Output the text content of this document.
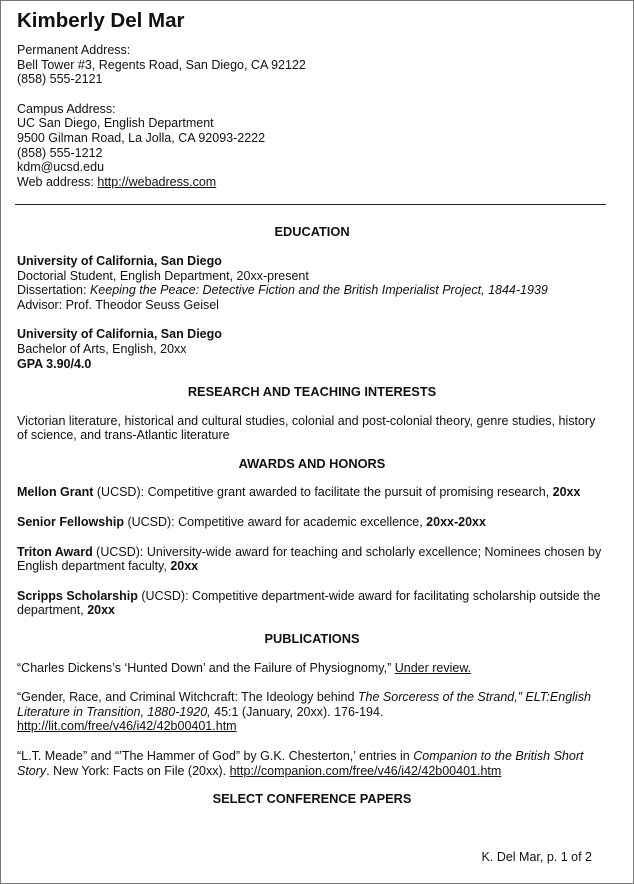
Kimberly Del Mar
Permanent Address:
Bell Tower #3, Regents Road, San Diego, CA 92122
(858) 555-2121
Campus Address:
UC San Diego, English Department
9500 Gilman Road, La Jolla, CA 92093-2222
(858) 555-1212
kdm@ucsd.edu
Web address: http://webadress.com
EDUCATION
University of California, San Diego
Doctorial Student, English Department, 20xx-present
Dissertation: Keeping the Peace: Detective Fiction and the British Imperialist Project, 1844-1939
Advisor: Prof. Theodor Seuss Geisel
University of California, San Diego
Bachelor of Arts, English, 20xx
GPA 3.90/4.0
RESEARCH AND TEACHING INTERESTS
Victorian literature, historical and cultural studies, colonial and post-colonial theory, genre studies, history of science, and trans-Atlantic literature
AWARDS AND HONORS
Mellon Grant (UCSD): Competitive grant awarded to facilitate the pursuit of promising research, 20xx
Senior Fellowship (UCSD): Competitive award for academic excellence, 20xx-20xx
Triton Award (UCSD): University-wide award for teaching and scholarly excellence; Nominees chosen by English department faculty, 20xx
Scripps Scholarship (UCSD): Competitive department-wide award for facilitating scholarship outside the department, 20xx
PUBLICATIONS
“Charles Dickens’s ‘Hunted Down’ and the Failure of Physiognomy,” Under review.
“Gender, Race, and Criminal Witchcraft: The Ideology behind The Sorceress of the Strand,” ELT:English Literature in Transition, 1880-1920, 45:1 (January, 20xx). 176-194.
http://lit.com/free/v46/i42/42b00401.htm
“L.T. Meade” and “’The Hammer of God” by G.K. Chesterton,’ entries in Companion to the British Short Story. New York: Facts on File (20xx). http://companion.com/free/v46/i42/42b00401.htm
SELECT CONFERENCE PAPERS
K. Del Mar, p. 1 of 2
